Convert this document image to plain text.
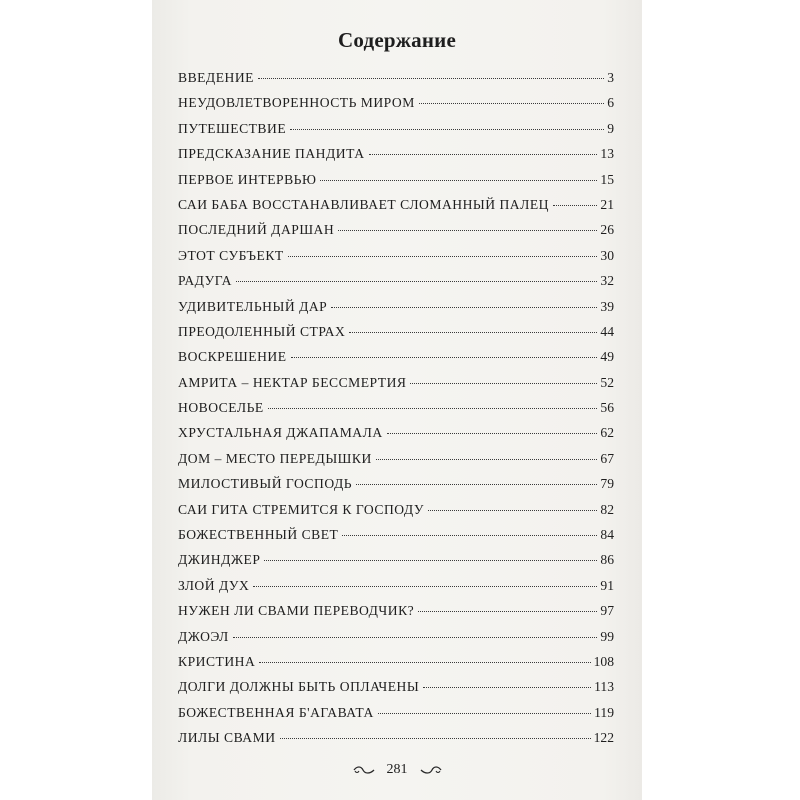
Содержание
ВВЕДЕНИЕ	3
НЕУДОВЛЕТВОРЕННОСТЬ МИРОМ	6
ПУТЕШЕСТВИЕ	9
ПРЕДСКАЗАНИЕ ПАНДИТА	13
ПЕРВОЕ ИНТЕРВЬЮ	15
САИ БАБА ВОССТАНАВЛИВАЕТ СЛОМАННЫЙ ПАЛЕЦ	21
ПОСЛЕДНИЙ ДАРШАН	26
ЭТОТ СУБЪЕКТ	30
РАДУГА	32
УДИВИТЕЛЬНЫЙ ДАР	39
ПРЕОДОЛЕННЫЙ СТРАХ	44
ВОСКРЕШЕНИЕ	49
АМРИТА – НЕКТАР БЕССМЕРТИЯ	52
НОВОСЕЛЬЕ	56
ХРУСТАЛЬНАЯ ДЖАПАМАЛА	62
ДОМ – МЕСТО ПЕРЕДЫШКИ	67
МИЛОСТИВЫЙ ГОСПОДЬ	79
САИ ГИТА СТРЕМИТСЯ К ГОСПОДУ	82
БОЖЕСТВЕННЫЙ СВЕТ	84
ДЖИНДЖЕР	86
ЗЛОЙ ДУХ	91
НУЖЕН ЛИ СВАМИ ПЕРЕВОДЧИК?	97
ДЖОЭЛ	99
КРИСТИНА	108
ДОЛГИ ДОЛЖНЫ БЫТЬ ОПЛАЧЕНЫ	113
БОЖЕСТВЕННАЯ Б'АГАВАТА	119
ЛИЛЫ СВАМИ	122
281
